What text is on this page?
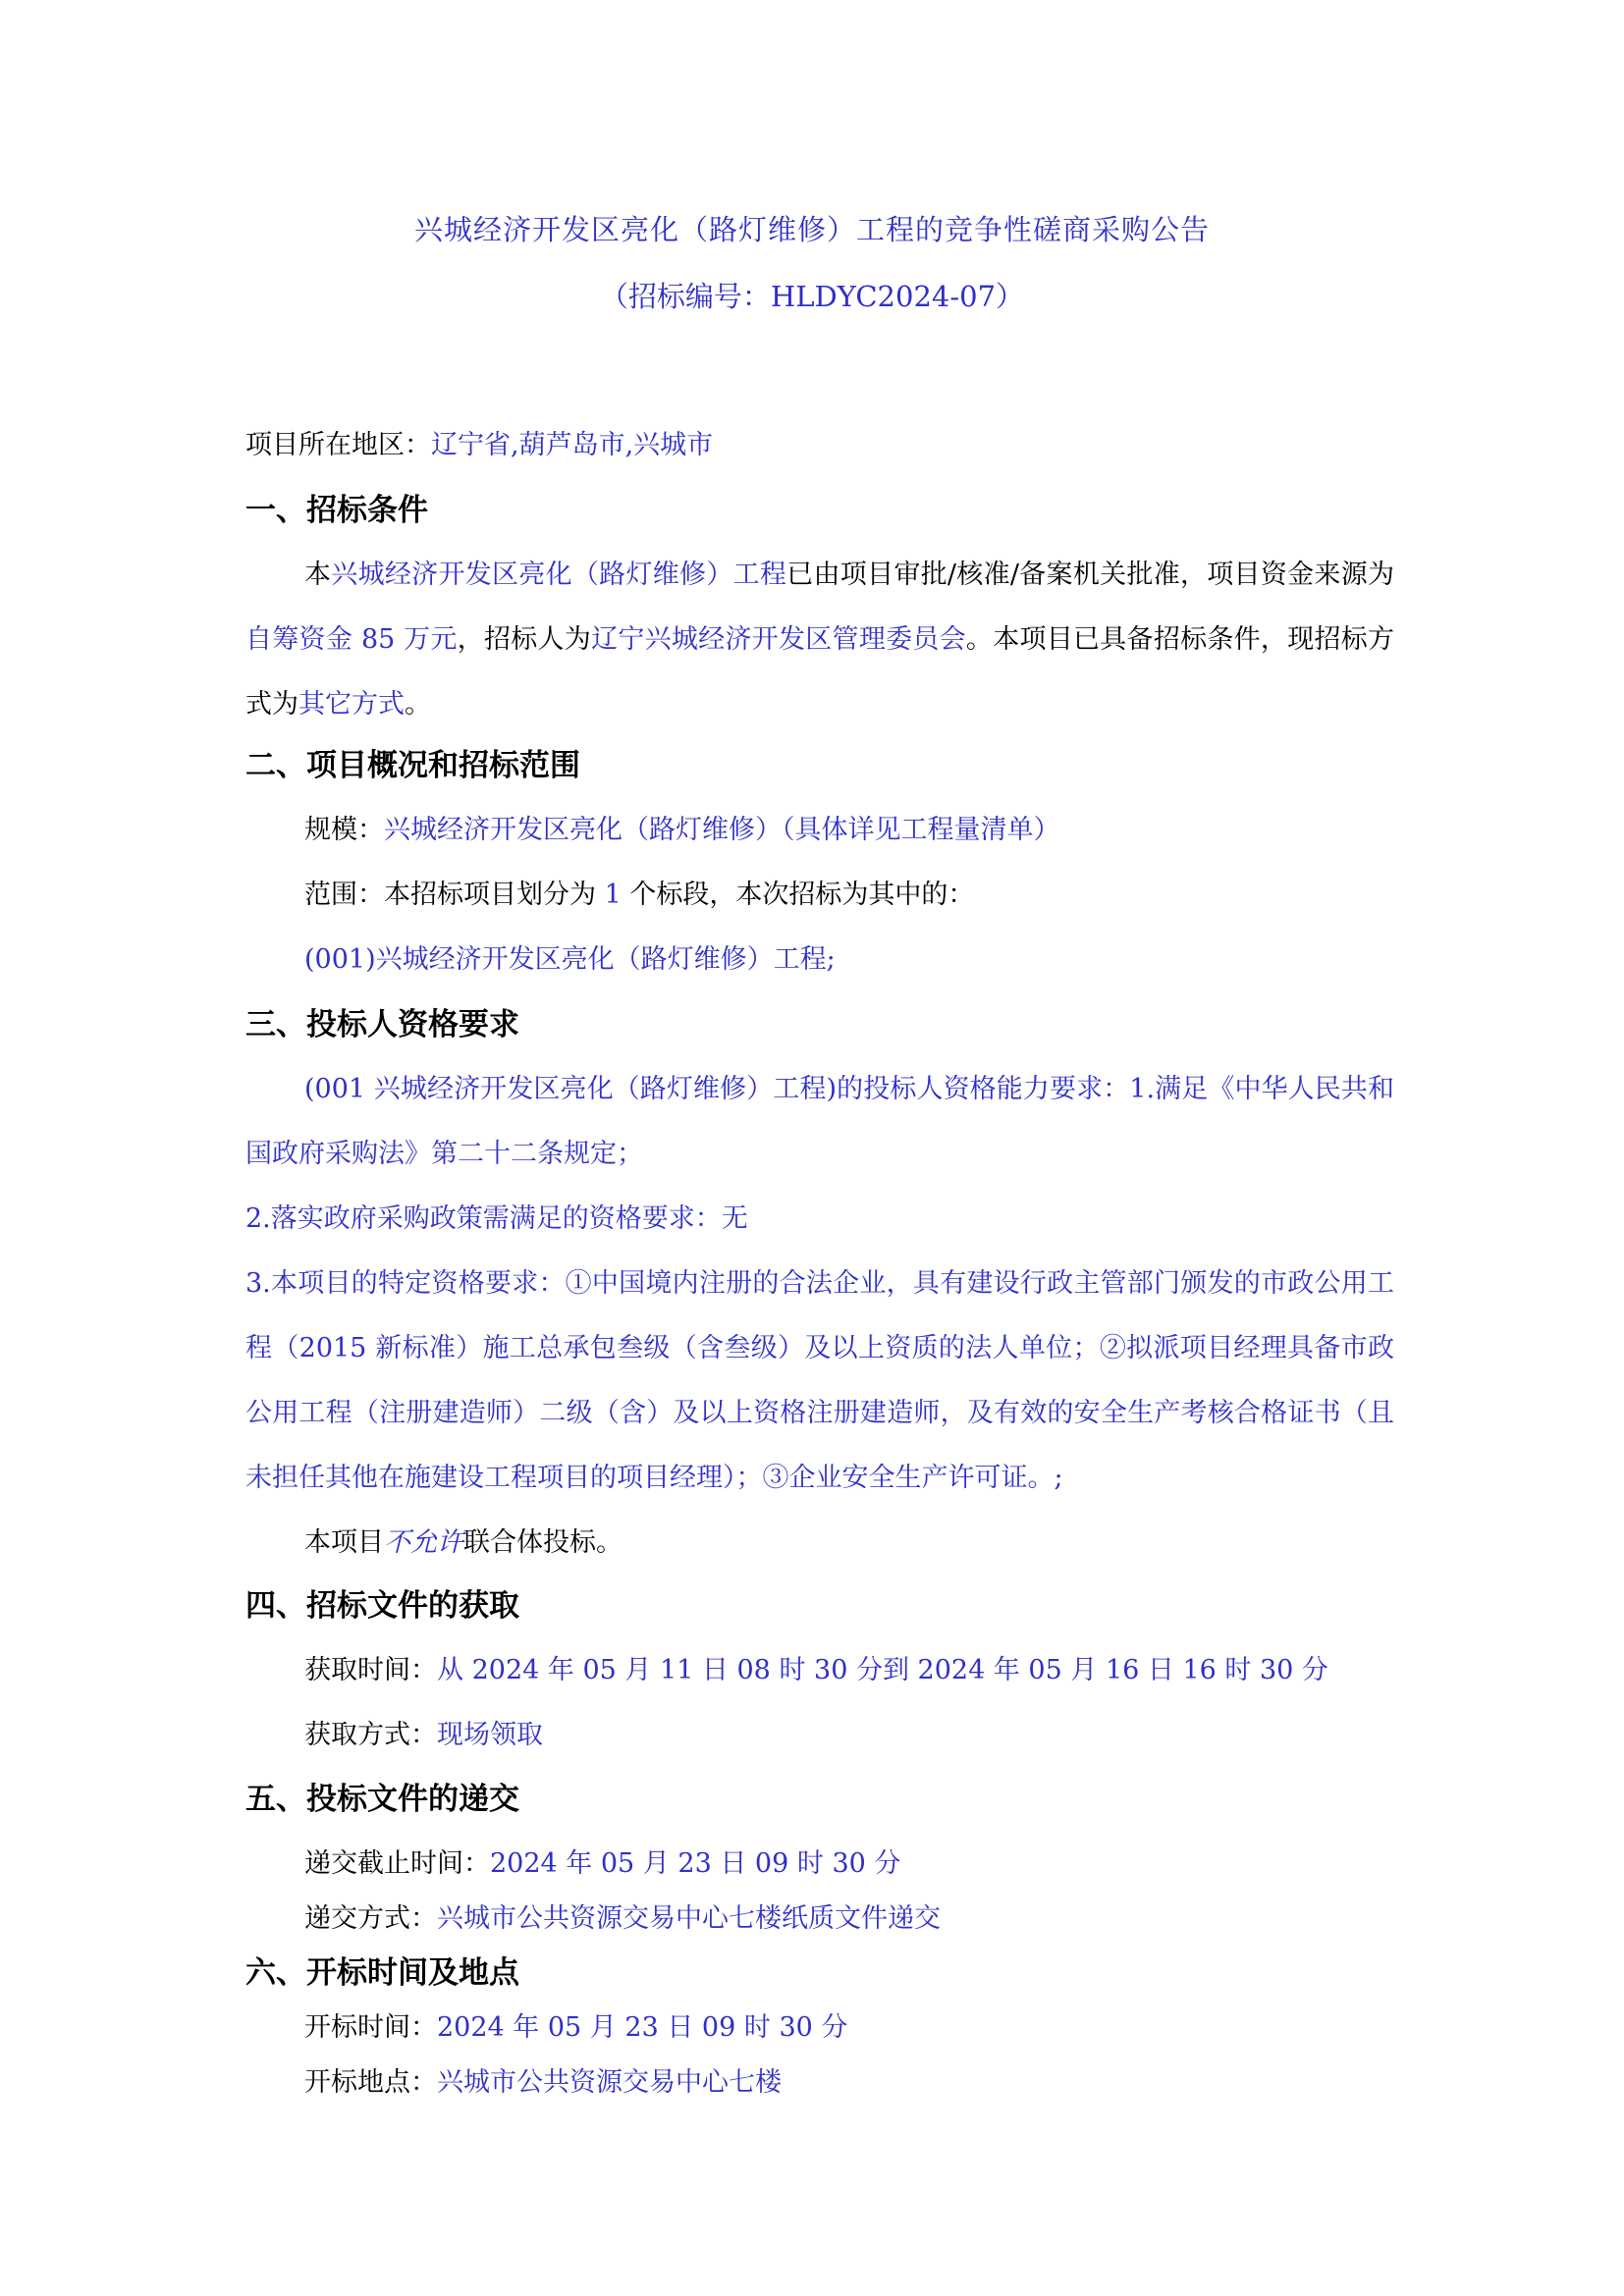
兴城经济开发区亮化（路灯维修）工程的竞争性磋商采购公告
（招标编号：HLDYC2024-07）
项目所在地区：辽宁省,葫芦岛市,兴城市
一、招标条件
本兴城经济开发区亮化（路灯维修）工程已由项目审批/核准/备案机关批准，项目资金来源为自筹资金 85 万元，招标人为辽宁兴城经济开发区管理委员会。本项目已具备招标条件，现招标方式为其它方式。
二、项目概况和招标范围
规模：兴城经济开发区亮化（路灯维修）（具体详见工程量清单）
范围：本招标项目划分为 1 个标段，本次招标为其中的：
(001)兴城经济开发区亮化（路灯维修）工程;
三、投标人资格要求
(001 兴城经济开发区亮化（路灯维修）工程)的投标人资格能力要求：1.满足《中华人民共和国政府采购法》第二十二条规定；
2.落实政府采购政策需满足的资格要求：无
3.本项目的特定资格要求：①中国境内注册的合法企业，具有建设行政主管部门颁发的市政公用工程（2015 新标准）施工总承包叁级（含叁级）及以上资质的法人单位；②拟派项目经理具备市政公用工程（注册建造师）二级（含）及以上资格注册建造师，及有效的安全生产考核合格证书（且未担任其他在施建设工程项目的项目经理）；③企业安全生产许可证。;
本项目不允许联合体投标。
四、招标文件的获取
获取时间：从 2024 年 05 月 11 日 08 时 30 分到 2024 年 05 月 16 日 16 时 30 分
获取方式：现场领取
五、投标文件的递交
递交截止时间：2024 年 05 月 23 日 09 时 30 分
递交方式：兴城市公共资源交易中心七楼纸质文件递交
六、开标时间及地点
开标时间：2024 年 05 月 23 日 09 时 30 分
开标地点：兴城市公共资源交易中心七楼
